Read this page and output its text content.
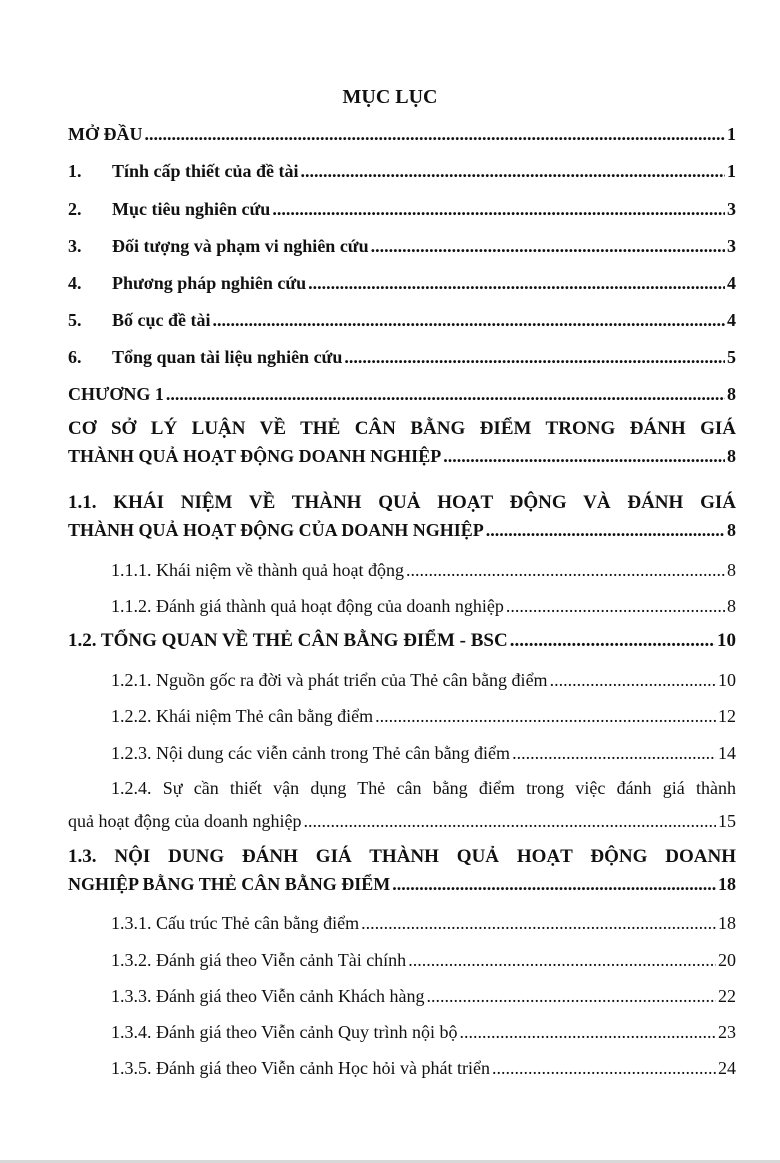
MỤC LỤC
MỞ ĐẦU .....	1
1.	Tính cấp thiết của đề tài .....	1
2.	Mục tiêu nghiên cứu .....	3
3.	Đối tượng và phạm vi nghiên cứu .....	3
4.	Phương pháp nghiên cứu .....	4
5.	Bố cục đề tài .....	4
6.	Tổng quan tài liệu nghiên cứu .....	5
CHƯƠNG 1 .....	8
CƠ SỞ LÝ LUẬN VỀ THẺ CÂN BẰNG ĐIỂM TRONG ĐÁNH GIÁ
THÀNH QUẢ HOẠT ĐỘNG DOANH NGHIỆP .....	8
1.1. KHÁI NIỆM VỀ THÀNH QUẢ HOẠT ĐỘNG VÀ ĐÁNH GIÁ
THÀNH QUẢ HOẠT ĐỘNG CỦA DOANH NGHIỆP .....	8
1.1.1. Khái niệm về thành quả hoạt động .....	8
1.1.2. Đánh giá thành quả hoạt động của doanh nghiệp .....	8
1.2. TỔNG QUAN VỀ THẺ CÂN BẰNG ĐIỂM - BSC .....	10
1.2.1. Nguồn gốc ra đời và phát triển của Thẻ cân bằng điểm .....	10
1.2.2. Khái niệm Thẻ cân bằng điểm .....	12
1.2.3. Nội dung các viễn cảnh trong Thẻ cân bằng điểm .....	14
1.2.4. Sự cần thiết vận dụng Thẻ cân bằng điểm trong việc đánh giá thành
quả hoạt động của doanh nghiệp .....	15
1.3. NỘI DUNG ĐÁNH GIÁ THÀNH QUẢ HOẠT ĐỘNG DOANH
NGHIỆP BẰNG THẺ CÂN BẰNG ĐIỂM .....	18
1.3.1. Cấu trúc Thẻ cân bằng điểm .....	18
1.3.2. Đánh giá theo Viễn cảnh Tài chính .....	20
1.3.3. Đánh giá theo Viễn cảnh Khách hàng .....	22
1.3.4. Đánh giá theo Viễn cảnh Quy trình nội bộ .....	23
1.3.5. Đánh giá theo Viễn cảnh Học hỏi và phát triển .....	24
